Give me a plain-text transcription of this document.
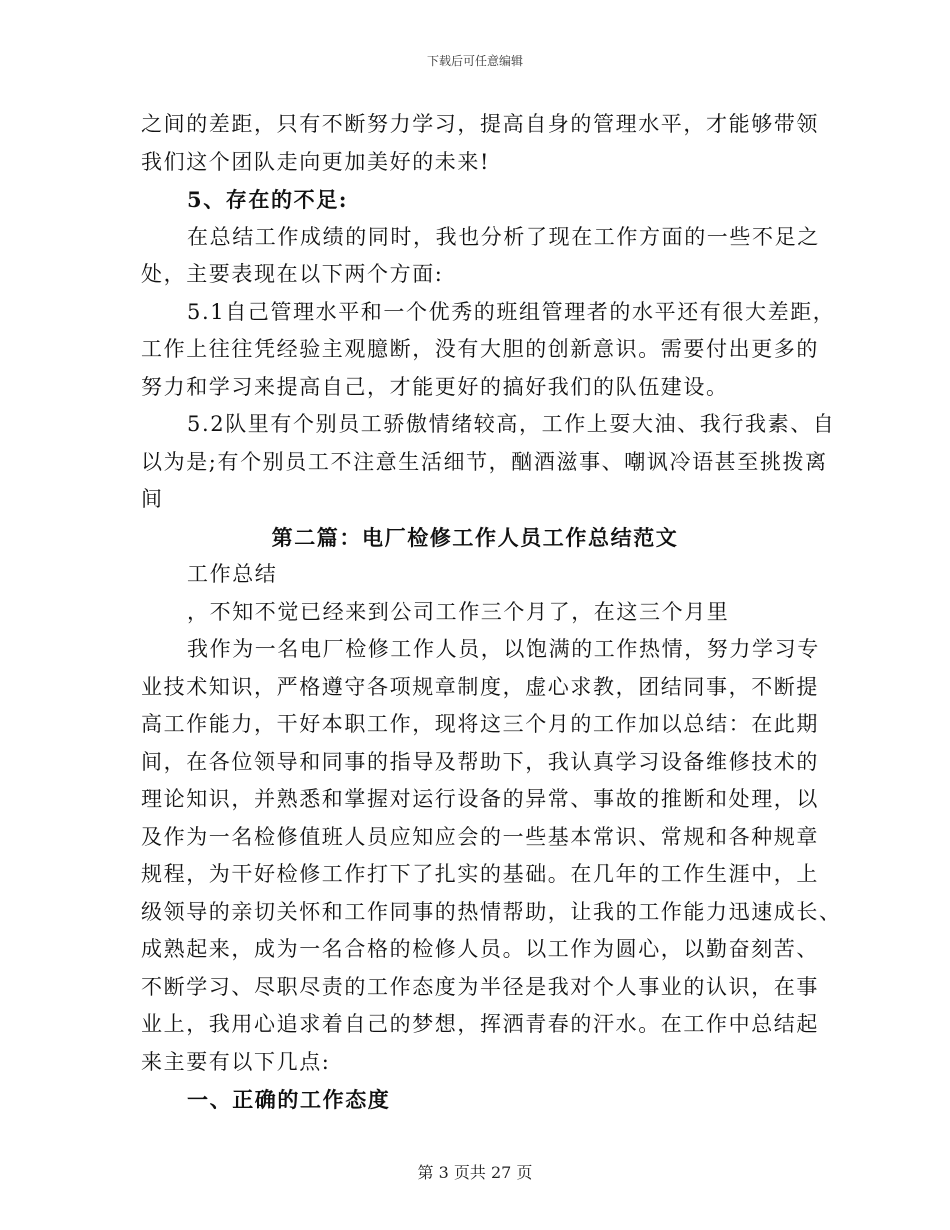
下载后可任意编辑
之间的差距，只有不断努力学习，提高自身的管理水平，才能够带领
我们这个团队走向更加美好的未来!
5、存在的不足:
在总结工作成绩的同时，我也分析了现在工作方面的一些不足之
处，主要表现在以下两个方面:
5.1自己管理水平和一个优秀的班组管理者的水平还有很大差距，
工作上往往凭经验主观臆断，没有大胆的创新意识。需要付出更多的
努力和学习来提高自己，才能更好的搞好我们的队伍建设。
5.2队里有个别员工骄傲情绪较高，工作上耍大油、我行我素、自
以为是;有个别员工不注意生活细节，酗酒滋事、嘲讽冷语甚至挑拨离
间
第二篇：电厂检修工作人员工作总结范文
工作总结
，不知不觉已经来到公司工作三个月了，在这三个月里
我作为一名电厂检修工作人员，以饱满的工作热情，努力学习专
业技术知识，严格遵守各项规章制度，虚心求教，团结同事，不断提
高工作能力，干好本职工作，现将这三个月的工作加以总结：在此期
间，在各位领导和同事的指导及帮助下，我认真学习设备维修技术的
理论知识，并熟悉和掌握对运行设备的异常、事故的推断和处理，以
及作为一名检修值班人员应知应会的一些基本常识、常规和各种规章
规程，为干好检修工作打下了扎实的基础。在几年的工作生涯中，上
级领导的亲切关怀和工作同事的热情帮助，让我的工作能力迅速成长、
成熟起来，成为一名合格的检修人员。以工作为圆心，以勤奋刻苦、
不断学习、尽职尽责的工作态度为半径是我对个人事业的认识，在事
业上，我用心追求着自己的梦想，挥洒青春的汗水。在工作中总结起
来主要有以下几点:
一、正确的工作态度
第 3 页共 27 页
